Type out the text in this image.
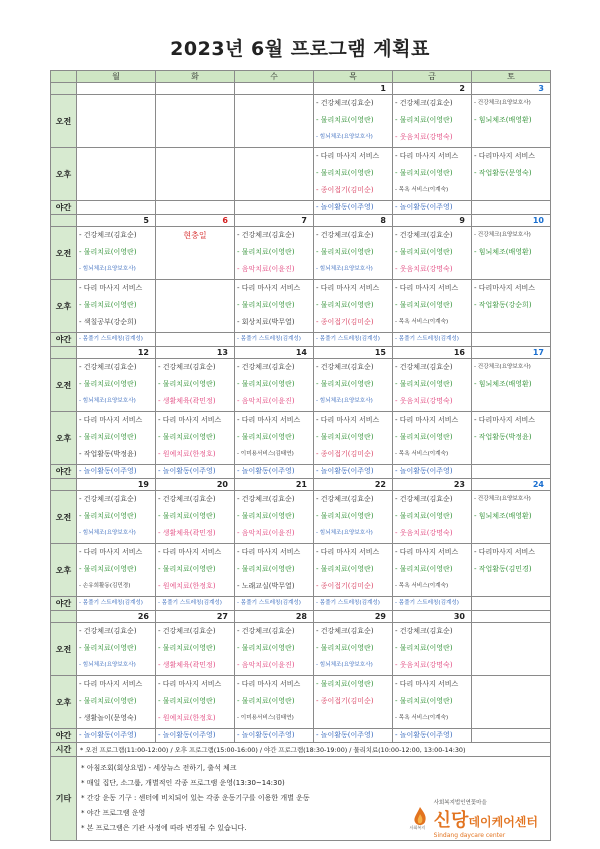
2023년 6월 프로그램 계획표
	월	화	수	목	금	토
				1	2	3
오전				- 건강체크(김효순)
- 물리치료(이영란)
- 힘뇌체조(요양보호사)	- 건강체크(김효순)
- 물리치료(이영란)
- 웃음치료(강명숙)	- 건강체크(요양보호사)
- 힘뇌체조(배영환)

오후				- 다리 마사지 서비스
- 물리치료(이영란)
- 종이접기(김미순)	- 다리 마사지 서비스
- 물리치료(이영란)
- 목욕 서비스(이계숙)	- 다리마사지 서비스
- 작업활동(문영숙)

야간				- 놀이활동(이주영)	- 놀이활동(이주영)	

	5	6	7	8	9	10
오전	- 건강체크(김효순)
- 물리치료(이영란)
- 힘뇌체조(요양보호사)	현충일	- 건강체크(김효순)
- 물리치료(이영란)
- 음악치료(이윤진)	- 건강체크(김효순)
- 물리치료(이영란)
- 힘뇌체조(요양보호사)	- 건강체크(김효순)
- 물리치료(이영란)
- 웃음치료(강명숙)	- 건강체크(요양보호사)
- 힘뇌체조(배영환)

오후	- 다리 마사지 서비스
- 물리치료(이영란)
- 색칠공부(강순희)		- 다리 마사지 서비스
- 물리치료(이영란)
- 회상치료(박무열)	- 다리 마사지 서비스
- 물리치료(이영란)
- 종이접기(김미순)	- 다리 마사지 서비스
- 물리치료(이영란)
- 목욕 서비스(이계숙)	- 다리마사지 서비스
- 작업활동(강순희)

야간	- 몸풀기 스트레칭(김계성)		- 몸풀기 스트레칭(김계성)	- 몸풀기 스트레칭(김계성)	- 몸풀기 스트레칭(김계성)	

	12	13	14	15	16	17
오전	- 건강체크(김효순)
- 물리치료(이영란)
- 힘뇌체조(요양보호사)	- 건강체크(김효순)
- 물리치료(이영란)
- 생활체육(곽민정)	- 건강체크(김효순)
- 물리치료(이영란)
- 음악치료(이윤진)	- 건강체크(김효순)
- 물리치료(이영란)
- 힘뇌체조(요양보호사)	- 건강체크(김효순)
- 물리치료(이영란)
- 웃음치료(강명숙)	- 건강체크(요양보호사)
- 힘뇌체조(배영환)

오후	- 다리 마사지 서비스
- 물리치료(이영란)
- 작업활동(박정윤)	- 다리 마사지 서비스
- 물리치료(이영란)
- 원예치료(한정호)	- 다리 마사지 서비스
- 물리치료(이영란)
- 이미용서비스(김태연)	- 다리 마사지 서비스
- 물리치료(이영란)
- 종이접기(김미순)	- 다리 마사지 서비스
- 물리치료(이영란)
- 목욕 서비스(이계숙)	- 다리마사지 서비스
- 작업활동(박정윤)

야간	- 놀이활동(이주영)	- 놀이활동(이주영)	- 놀이활동(이주영)	- 놀이활동(이주영)	- 놀이활동(이주영)	

	19	20	21	22	23	24
오전	- 건강체크(김효순)
- 물리치료(이영란)
- 힘뇌체조(요양보호사)	- 건강체크(김효순)
- 물리치료(이영란)
- 생활체육(곽민정)	- 건강체크(김효순)
- 물리치료(이영란)
- 음악치료(이윤진)	- 건강체크(김효순)
- 물리치료(이영란)
- 힘뇌체조(요양보호사)	- 건강체크(김효순)
- 물리치료(이영란)
- 웃음치료(강명숙)	- 건강체크(요양보호사)
- 힘뇌체조(배영환)

오후	- 다리 마사지 서비스
- 물리치료(이영란)
- 손유희활동(김민경)	- 다리 마사지 서비스
- 물리치료(이영란)
- 원예치료(한정호)	- 다리 마사지 서비스
- 물리치료(이영란)
- 노래교실(박무열)	- 다리 마사지 서비스
- 물리치료(이영란)
- 종이접기(김미순)	- 다리 마사지 서비스
- 물리치료(이영란)
- 목욕 서비스(이계숙)	- 다리마사지 서비스
- 작업활동(김민경)

야간	- 몸풀기 스트레칭(김계성)	- 몸풀기 스트레칭(김계성)	- 몸풀기 스트레칭(김계성)	- 몸풀기 스트레칭(김계성)	- 몸풀기 스트레칭(김계성)	

	26	27	28	29	30	
오전	- 건강체크(김효순)
- 물리치료(이영란)
- 힘뇌체조(요양보호사)	- 건강체크(김효순)
- 물리치료(이영란)
- 생활체육(곽민정)	- 건강체크(김효순)
- 물리치료(이영란)
- 음악치료(이윤진)	- 건강체크(김효순)
- 물리치료(이영란)
- 힘뇌체조(요양보호사)	- 건강체크(김효순)
- 물리치료(이영란)
- 웃음치료(강명숙)	

오후	- 다리 마사지 서비스
- 물리치료(이영란)
- 생활놀이(문영숙)	- 다리 마사지 서비스
- 물리치료(이영란)
- 원예치료(한정호)	- 다리 마사지 서비스
- 물리치료(이영란)
- 이미용서비스(김태연)	- 물리치료(이영란)
- 종이접기(김미순)	- 다리 마사지 서비스
- 물리치료(이영란)
- 목욕 서비스(이계숙)	

야간	- 놀이활동(이주영)	- 놀이활동(이주영)	- 놀이활동(이주영)	- 놀이활동(이주영)	- 놀이활동(이주영)	

시간	* 오전 프로그램(11:00-12:00) / 오후 프로그램(15:00-16:00) / 야간 프로그램(18:30-19:00) / 물리치료(10:00-12:00, 13:00-14:30)					
기타	* 아침조회(회상요법) - 세상뉴스 전하기, 출석 체크
* 매일 집단, 소그룹, 개별적인 각종 프로그램 운영(13:30~14:30)
* 간강 운동 기구 : 센터에 비치되어 있는 각종 운동기구를 이용한 개별 운동
* 야간 프로그램 운영
* 본 프로그램은 기관 사정에 따라 변경될 수 있습니다.						사회복지
사회복지법인연꽃마을
신당데이케어센터
Sindang daycare center
